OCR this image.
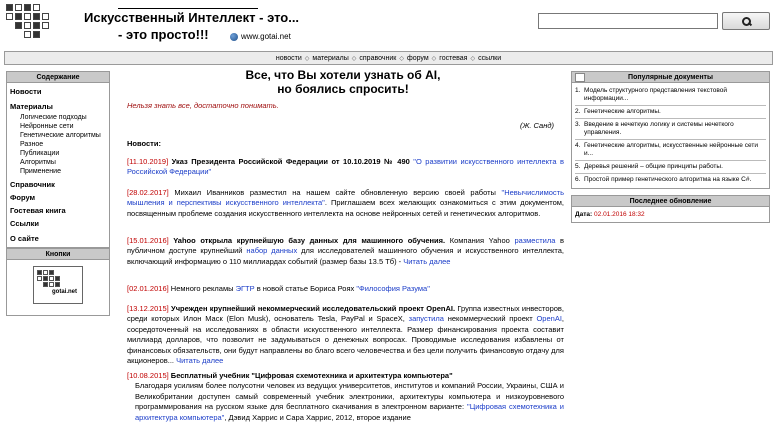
Искусственный Интеллект - это...
- это просто!!!	www.gotai.net
новости ◇ материалы ◇ справочник ◇ форум ◇ гостевая ◇ ссылки
Содержание
Новости
Материалы
Логические подходы
Нейронные сети
Генетические алгоритмы
Разное
Публикации
Алгоритмы
Применение
Справочник
Форум
Гостевая книга
Ссылки
О сайте
Кнопки
gotai.net
Все, что Вы хотели узнать об AI,
но боялись спросить!
Нельзя знать все, достаточно понимать.
(Ж. Санд)
Новости:
[11.10.2019] Указ Президента Российской Федерации от 10.10.2019 № 490 "О развитии искусственного интеллекта в Российской Федерации"
[28.02.2017] Михаил Иванников разместил на нашем сайте обновленную версию своей работы "Невычислимость мышления и перспективы искусственного интеллекта". Приглашаем всех желающих ознакомиться с этим документом, посвященным проблеме создания искусственного интеллекта на основе нейронных сетей и генетических алгоритмов.
[15.01.2016] Yahoo открыла крупнейшую базу данных для машинного обучения. Компания Yahoo разместила в публичном доступе крупнейший набор данных для исследователей машинного обучения и искусственного интеллекта, включающий информацию о 110 миллиардах событий (размер базы 13.5 Тб) - Читать далее
[02.01.2016] Немного рекламы ЭГТР в новой статье Бориса Роях "Философия Разума"
[13.12.2015] Учрежден крупнейший некоммерческий исследовательский проект OpenAI. Группа известных инвесторов, среди которых Илон Маск (Elon Musk), основатель Tesla, PayPal и SpaceX, запустила некоммерческий проект OpenAI, сосредоточенный на исследованиях в области искусственного интеллекта. Размер финансирования проекта составит миллиард долларов, что позволит не задумываться о денежных вопросах. Проводимые исследования избавлены от финансовых обязательств, они будут направлены во благо всего человечества и без цели получить финансовую отдачу для акционеров... Читать далее
[10.08.2015] Бесплатный учебник "Цифровая схемотехника и архитектура компьютера"
Благодаря усилиям более полусотни человек из ведущих университетов, институтов и компаний России, Украины, США и Великобритании доступен самый современный учебник электроники, архитектуры компьютера и низкоуровневого программирования на русском языке для бесплатного скачивания в электронном варианте: "Цифровая схемотехника и архитектура компьютера", Дэвид Харрис и Сара Харрис, 2012, второе издание
Популярные документы
1. Модель структурного представления текстовой информации...
2. Генетические алгоритмы.
3. Введение в нечеткую логику и системы нечеткого управления.
4. Генетические алгоритмы, искусственные нейронные сети и...
5. Деревья решений – общие принципы работы.
6. Простой пример генетического алгоритма на языке C#.
Последнее обновление
Дата: 02.01.2016 18:32
